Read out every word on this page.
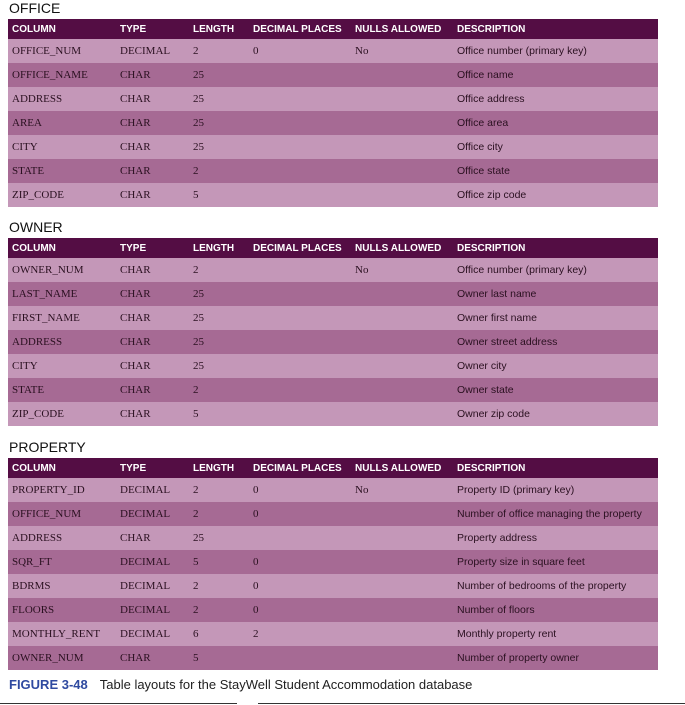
OFFICE
COLUMN	TYPE	LENGTH	DECIMAL PLACES	NULLS ALLOWED	DESCRIPTION
OFFICE_NUM	DECIMAL	2	0	No	Office number (primary key)
OFFICE_NAME	CHAR	25			Office name
ADDRESS	CHAR	25			Office address
AREA	CHAR	25			Office area
CITY	CHAR	25			Office city
STATE	CHAR	2			Office state
ZIP_CODE	CHAR	5			Office zip code
OWNER
COLUMN	TYPE	LENGTH	DECIMAL PLACES	NULLS ALLOWED	DESCRIPTION
OWNER_NUM	CHAR	2		No	Office number (primary key)
LAST_NAME	CHAR	25			Owner last name
FIRST_NAME	CHAR	25			Owner first name
ADDRESS	CHAR	25			Owner street address
CITY	CHAR	25			Owner city
STATE	CHAR	2			Owner state
ZIP_CODE	CHAR	5			Owner zip code
PROPERTY
COLUMN	TYPE	LENGTH	DECIMAL PLACES	NULLS ALLOWED	DESCRIPTION
PROPERTY_ID	DECIMAL	2	0	No	Property ID (primary key)
OFFICE_NUM	DECIMAL	2	0		Number of office managing the property
ADDRESS	CHAR	25			Property address
SQR_FT	DECIMAL	5	0		Property size in square feet
BDRMS	DECIMAL	2	0		Number of bedrooms of the property
FLOORS	DECIMAL	2	0		Number of floors
MONTHLY_RENT	DECIMAL	6	2		Monthly property rent
OWNER_NUM	CHAR	5			Number of property owner
FIGURE 3-48 Table layouts for the StayWell Student Accommodation database
